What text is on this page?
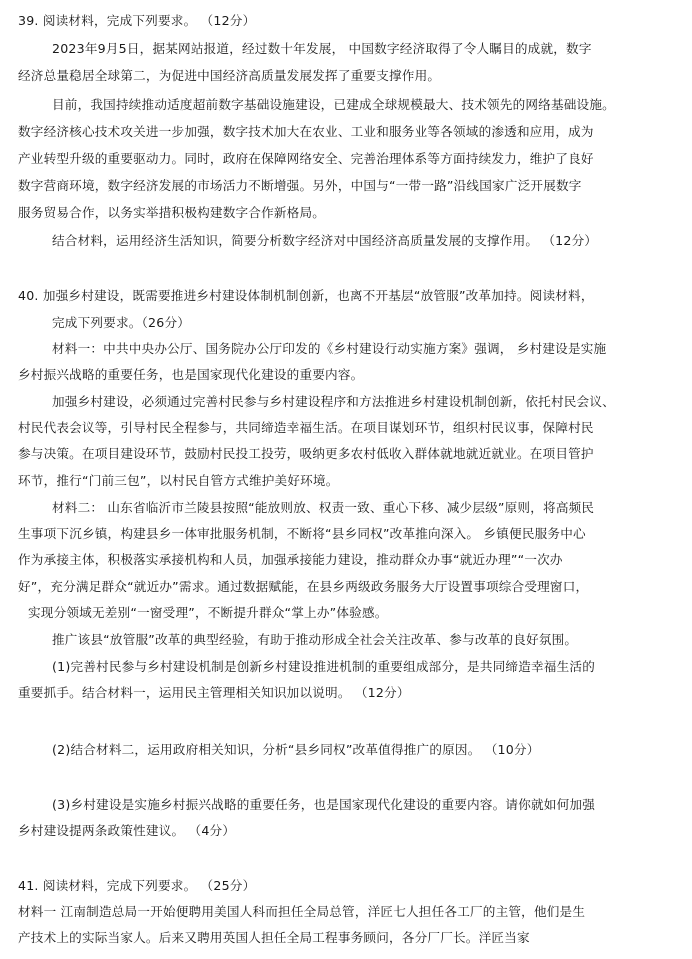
39. 阅读材料，完成下列要求。 （12分）
2023年9月5日，据某网站报道，经过数十年发展， 中国数字经济取得了令人瞩目的成就，数字
经济总量稳居全球第二，为促进中国经济高质量发展发挥了重要支撑作用。
目前，我国持续推动适度超前数字基础设施建设，已建成全球规模最大、技术领先的网络基础设施。
数字经济核心技术攻关进一步加强，数字技术加大在农业、工业和服务业等各领域的渗透和应用，成为
产业转型升级的重要驱动力。同时，政府在保障网络安全、完善治理体系等方面持续发力，维护了良好
数字营商环境，数字经济发展的市场活力不断增强。另外，中国与“一带一路”沿线国家广泛开展数字
服务贸易合作，以务实举措积极构建数字合作新格局。
结合材料，运用经济生活知识，简要分析数字经济对中国经济高质量发展的支撑作用。 （12分）
40. 加强乡村建设，既需要推进乡村建设体制机制创新，也离不开基层“放管服”改革加持。阅读材料，
完成下列要求。（26分）
材料一：中共中央办公厅、国务院办公厅印发的《乡村建设行动实施方案》强调， 乡村建设是实施
乡村振兴战略的重要任务，也是国家现代化建设的重要内容。
加强乡村建设，必须通过完善村民参与乡村建设程序和方法推进乡村建设机制创新，依托村民会议、
村民代表会议等，引导村民全程参与，共同缔造幸福生活。在项目谋划环节，组织村民议事，保障村民
参与决策。在项目建设环节，鼓励村民投工投劳，吸纳更多农村低收入群体就地就近就业。在项目管护
环节，推行“门前三包”，以村民自管方式维护美好环境。
材料二： 山东省临沂市兰陵县按照“能放则放、权责一致、重心下移、减少层级”原则，将高频民
生事项下沉乡镇，构建县乡一体审批服务机制，不断将“县乡同权”改革推向深入。 乡镇便民服务中心
作为承接主体，积极落实承接机构和人员，加强承接能力建设，推动群众办事“就近办理”“一次办
好”，充分满足群众“就近办”需求。通过数据赋能，在县乡两级政务服务大厅设置事项综合受理窗口，
实现分领域无差别“一窗受理”，不断提升群众“掌上办”体验感。
推广该县“放管服”改革的典型经验，有助于推动形成全社会关注改革、参与改革的良好氛围。
(1)完善村民参与乡村建设机制是创新乡村建设推进机制的重要组成部分，是共同缔造幸福生活的
重要抓手。结合材料一，运用民主管理相关知识加以说明。 （12分）
(2)结合材料二，运用政府相关知识，分析“县乡同权”改革值得推广的原因。 （10分）
(3)乡村建设是实施乡村振兴战略的重要任务，也是国家现代化建设的重要内容。请你就如何加强
乡村建设提两条政策性建议。 （4分）
41. 阅读材料，完成下列要求。 （25分）
材料一 江南制造总局一开始便聘用美国人科而担任全局总管，洋匠七人担任各工厂的主管，他们是生
产技术上的实际当家人。后来又聘用英国人担任全局工程事务顾问，各分厂厂长。洋匠当家
